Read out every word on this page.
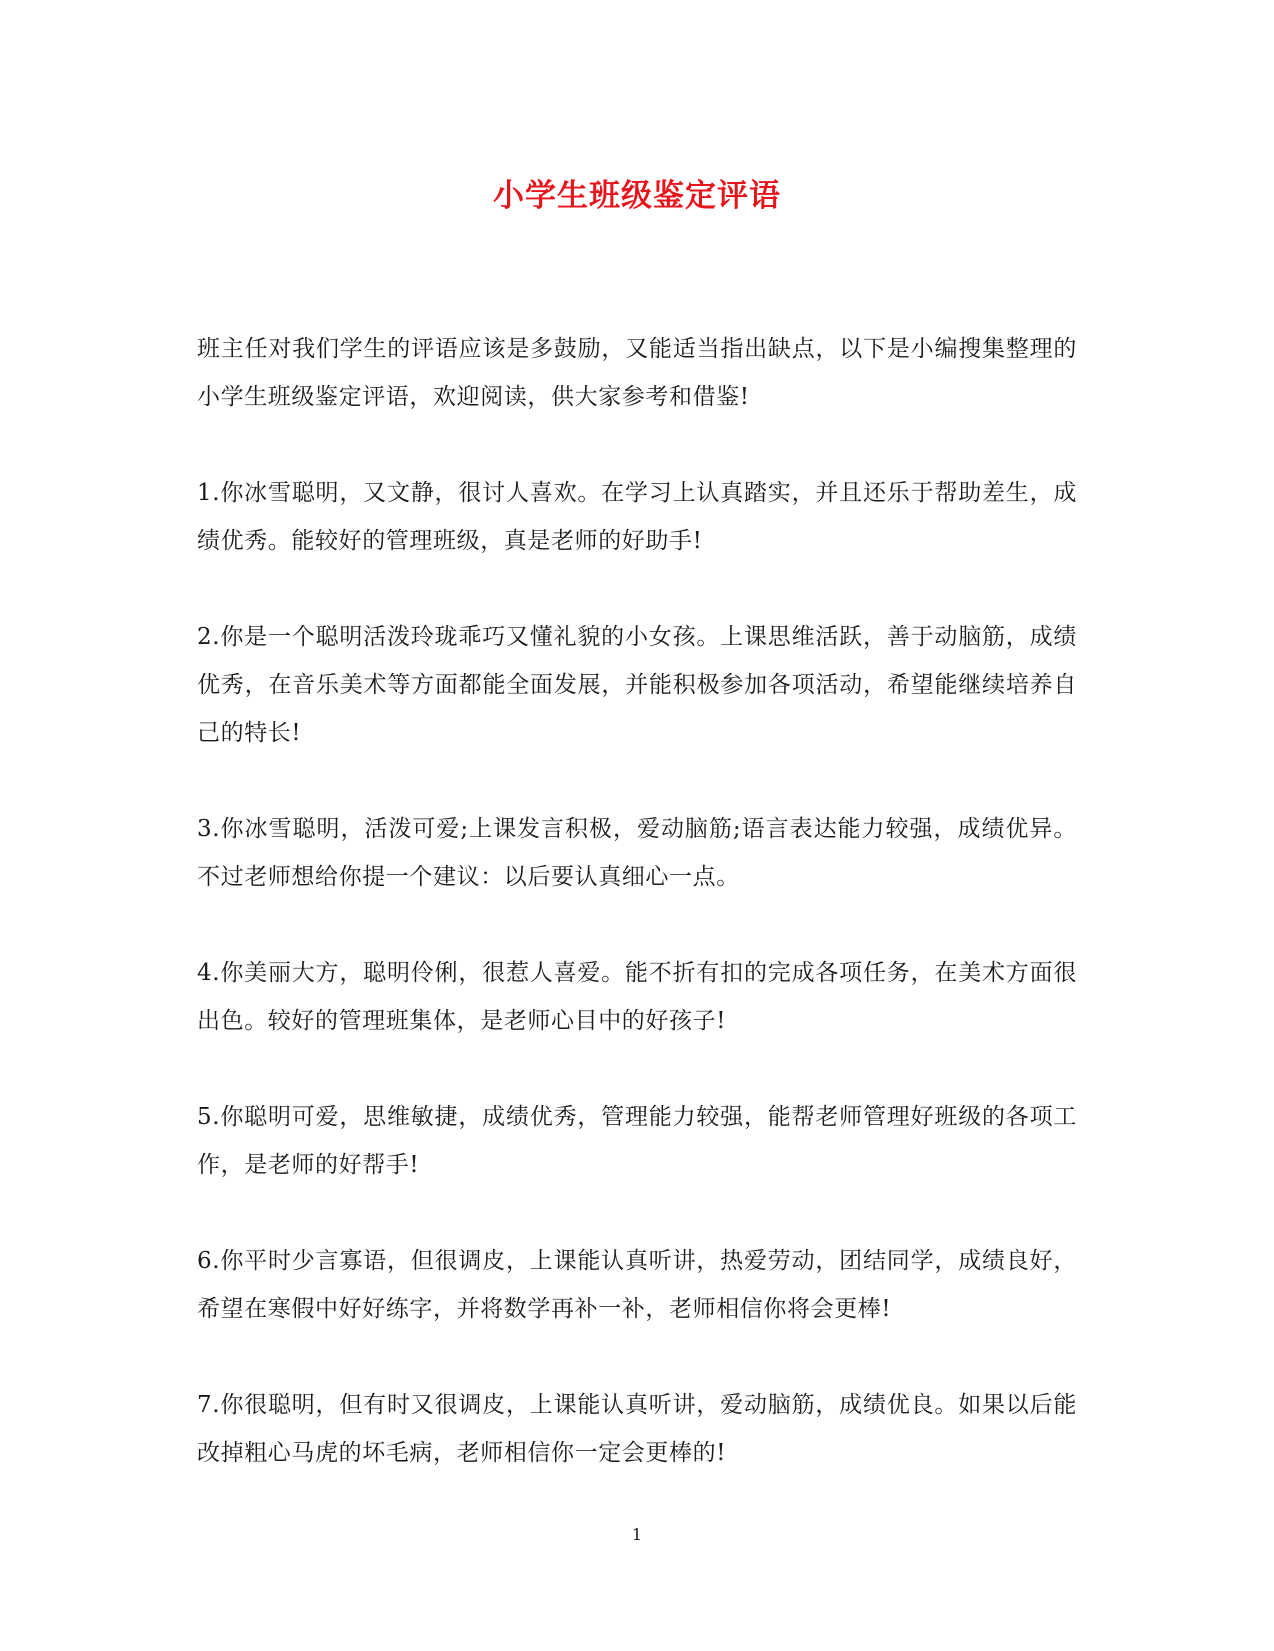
小学生班级鉴定评语

班主任对我们学生的评语应该是多鼓励，又能适当指出缺点，以下是小编搜集整理的小学生班级鉴定评语，欢迎阅读，供大家参考和借鉴!

1.你冰雪聪明，又文静，很讨人喜欢。在学习上认真踏实，并且还乐于帮助差生，成绩优秀。能较好的管理班级，真是老师的好助手!

2.你是一个聪明活泼玲珑乖巧又懂礼貌的小女孩。上课思维活跃，善于动脑筋，成绩优秀，在音乐美术等方面都能全面发展，并能积极参加各项活动，希望能继续培养自己的特长!

3.你冰雪聪明，活泼可爱;上课发言积极，爱动脑筋;语言表达能力较强，成绩优异。不过老师想给你提一个建议：以后要认真细心一点。

4.你美丽大方，聪明伶俐，很惹人喜爱。能不折有扣的完成各项任务，在美术方面很出色。较好的管理班集体，是老师心目中的好孩子!

5.你聪明可爱，思维敏捷，成绩优秀，管理能力较强，能帮老师管理好班级的各项工作，是老师的好帮手!

6.你平时少言寡语，但很调皮，上课能认真听讲，热爱劳动，团结同学，成绩良好，希望在寒假中好好练字，并将数学再补一补，老师相信你将会更棒!

7.你很聪明，但有时又很调皮，上课能认真听讲，爱动脑筋，成绩优良。如果以后能改掉粗心马虎的坏毛病，老师相信你一定会更棒的!

1
